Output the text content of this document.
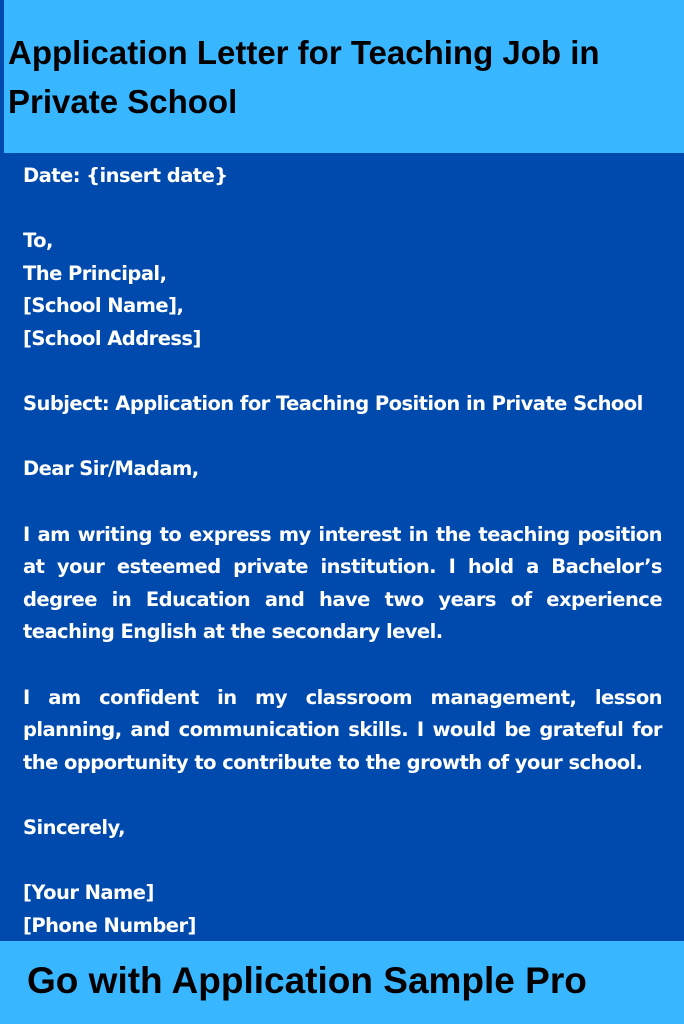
Application Letter for Teaching Job in Private School
Date: {insert date}
To,
The Principal,
[School Name],
[School Address]
Subject: Application for Teaching Position in Private School
Dear Sir/Madam,

I am writing to express my interest in the teaching position at your esteemed private institution. I hold a Bachelor’s degree in Education and have two years of experience teaching English at the secondary level.

I am confident in my classroom management, lesson planning, and communication skills. I would be grateful for the opportunity to contribute to the growth of your school.

Sincerely,
[Your Name]
[Phone Number]

Go with Application Sample Pro
